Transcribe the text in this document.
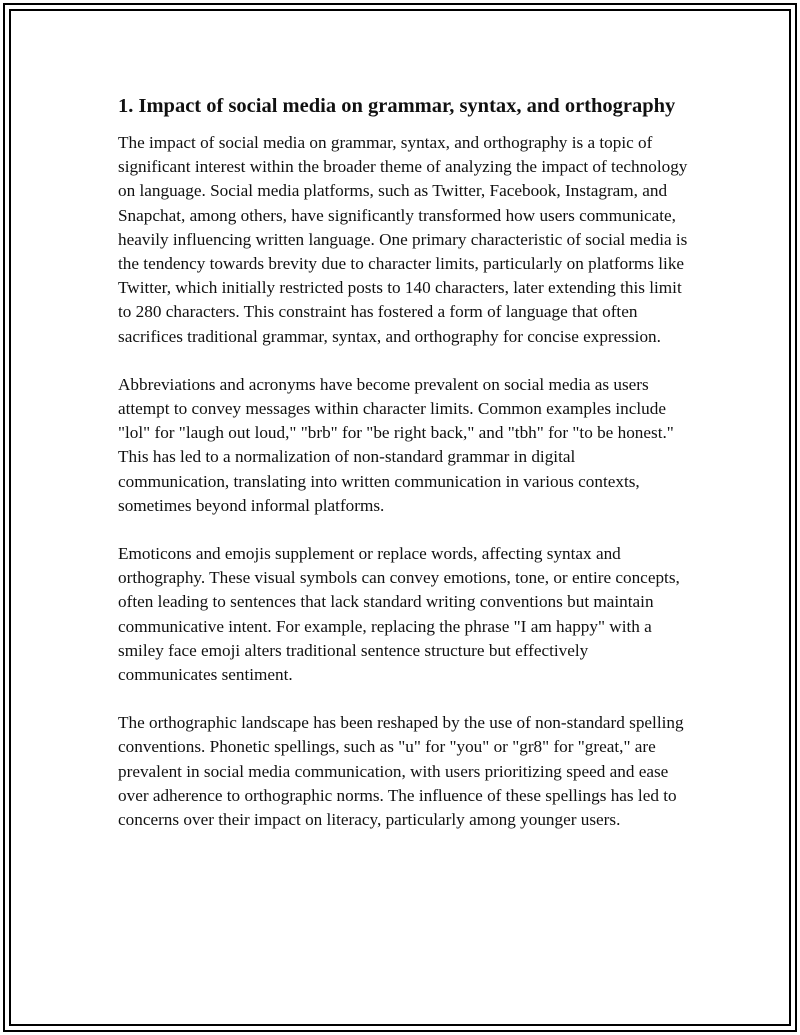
1. Impact of social media on grammar, syntax, and orthography

The impact of social media on grammar, syntax, and orthography is a topic of significant interest within the broader theme of analyzing the impact of technology on language. Social media platforms, such as Twitter, Facebook, Instagram, and Snapchat, among others, have significantly transformed how users communicate, heavily influencing written language. One primary characteristic of social media is the tendency towards brevity due to character limits, particularly on platforms like Twitter, which initially restricted posts to 140 characters, later extending this limit to 280 characters. This constraint has fostered a form of language that often sacrifices traditional grammar, syntax, and orthography for concise expression.

Abbreviations and acronyms have become prevalent on social media as users attempt to convey messages within character limits. Common examples include "lol" for "laugh out loud," "brb" for "be right back," and "tbh" for "to be honest." This has led to a normalization of non-standard grammar in digital communication, translating into written communication in various contexts, sometimes beyond informal platforms.

Emoticons and emojis supplement or replace words, affecting syntax and orthography. These visual symbols can convey emotions, tone, or entire concepts, often leading to sentences that lack standard writing conventions but maintain communicative intent. For example, replacing the phrase "I am happy" with a smiley face emoji alters traditional sentence structure but effectively communicates sentiment.

The orthographic landscape has been reshaped by the use of non-standard spelling conventions. Phonetic spellings, such as "u" for "you" or "gr8" for "great," are prevalent in social media communication, with users prioritizing speed and ease over adherence to orthographic norms. The influence of these spellings has led to concerns over their impact on literacy, particularly among younger users.
